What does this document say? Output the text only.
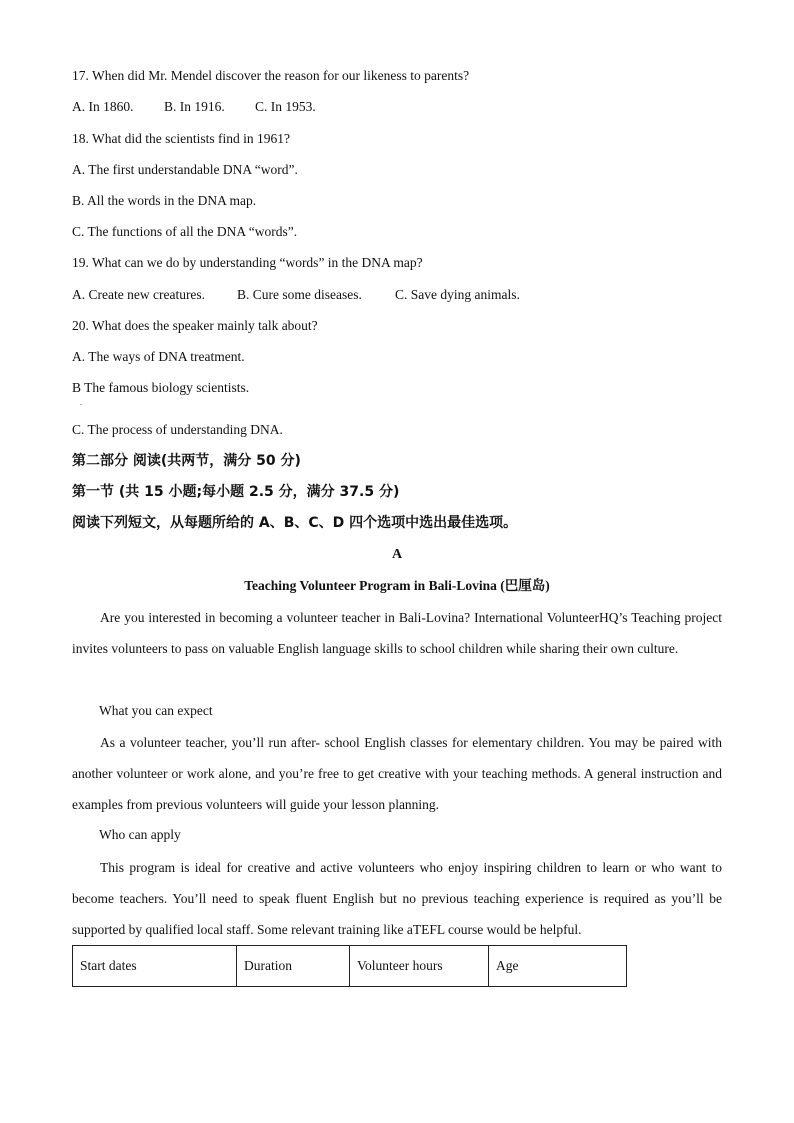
17. When did Mr. Mendel discover the reason for our likeness to parents?
A. In 1860. B. In 1916. C. In 1953.
18. What did the scientists find in 1961?
A. The first understandable DNA “word”.
B. All the words in the DNA map.
C. The functions of all the DNA “words”.
19. What can we do by understanding “words” in the DNA map?
A. Create new creatures. B. Cure some diseases. C. Save dying animals.
20. What does the speaker mainly talk about?
A. The ways of DNA treatment.
B The famous biology scientists.
.
C. The process of understanding DNA.
第二部分 阅读(共两节，满分 50 分)
第一节 (共 15 小题;每小题 2.5 分，满分 37.5 分)
阅读下列短文，从每题所给的 A、B、C、D 四个选项中选出最佳选项。
A
Teaching Volunteer Program in Bali-Lovina (巴厘岛)
Are you interested in becoming a volunteer teacher in Bali-Lovina? International VolunteerHQ’s Teaching project invites volunteers to pass on valuable English language skills to school children while sharing their own culture.
What you can expect
As a volunteer teacher, you’ll run after- school English classes for elementary children. You may be paired with another volunteer or work alone, and you’re free to get creative with your teaching methods. A general instruction and examples from previous volunteers will guide your lesson planning.
Who can apply
This program is ideal for creative and active volunteers who enjoy inspiring children to learn or who want to become teachers. You’ll need to speak fluent English but no previous teaching experience is required as you’ll be supported by qualified local staff. Some relevant training like aTEFL course would be helpful.
Start dates	Duration	Volunteer hours	Age
